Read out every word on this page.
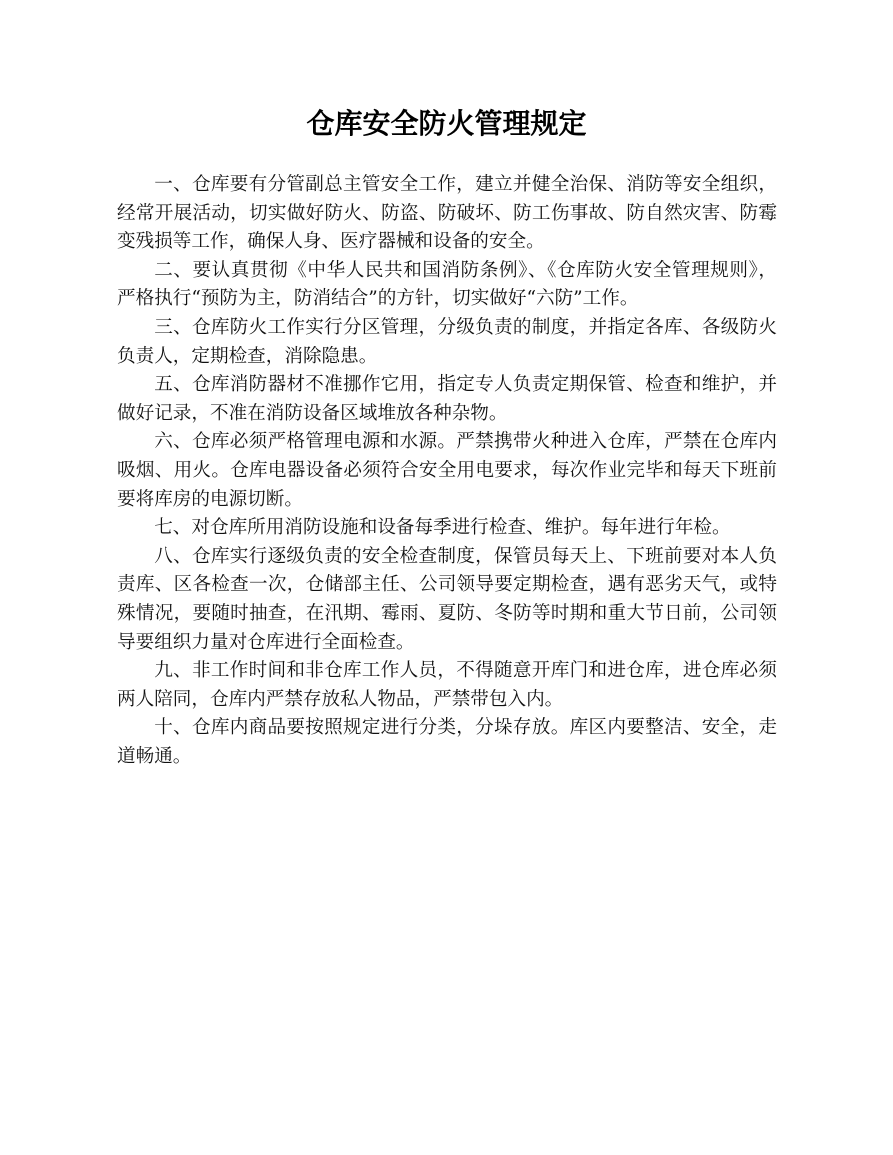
仓库安全防火管理规定

一、仓库要有分管副总主管安全工作，建立并健全治保、消防等安全组织，经常开展活动，切实做好防火、防盗、防破坏、防工伤事故、防自然灾害、防霉变残损等工作，确保人身、医疗器械和设备的安全。

二、要认真贯彻《中华人民共和国消防条例》、《仓库防火安全管理规则》，严格执行“预防为主，防消结合”的方针，切实做好“六防”工作。

三、仓库防火工作实行分区管理，分级负责的制度，并指定各库、各级防火负责人，定期检查，消除隐患。

五、仓库消防器材不准挪作它用，指定专人负责定期保管、检查和维护，并做好记录，不准在消防设备区域堆放各种杂物。

六、仓库必须严格管理电源和水源。严禁携带火种进入仓库，严禁在仓库内吸烟、用火。仓库电器设备必须符合安全用电要求，每次作业完毕和每天下班前要将库房的电源切断。

七、对仓库所用消防设施和设备每季进行检查、维护。每年进行年检。

八、仓库实行逐级负责的安全检查制度，保管员每天上、下班前要对本人负责库、区各检查一次，仓储部主任、公司领导要定期检查，遇有恶劣天气，或特殊情况，要随时抽查，在汛期、霉雨、夏防、冬防等时期和重大节日前，公司领导要组织力量对仓库进行全面检查。

九、非工作时间和非仓库工作人员，不得随意开库门和进仓库，进仓库必须两人陪同，仓库内严禁存放私人物品，严禁带包入内。

十、仓库内商品要按照规定进行分类，分垛存放。库区内要整洁、安全，走道畅通。
